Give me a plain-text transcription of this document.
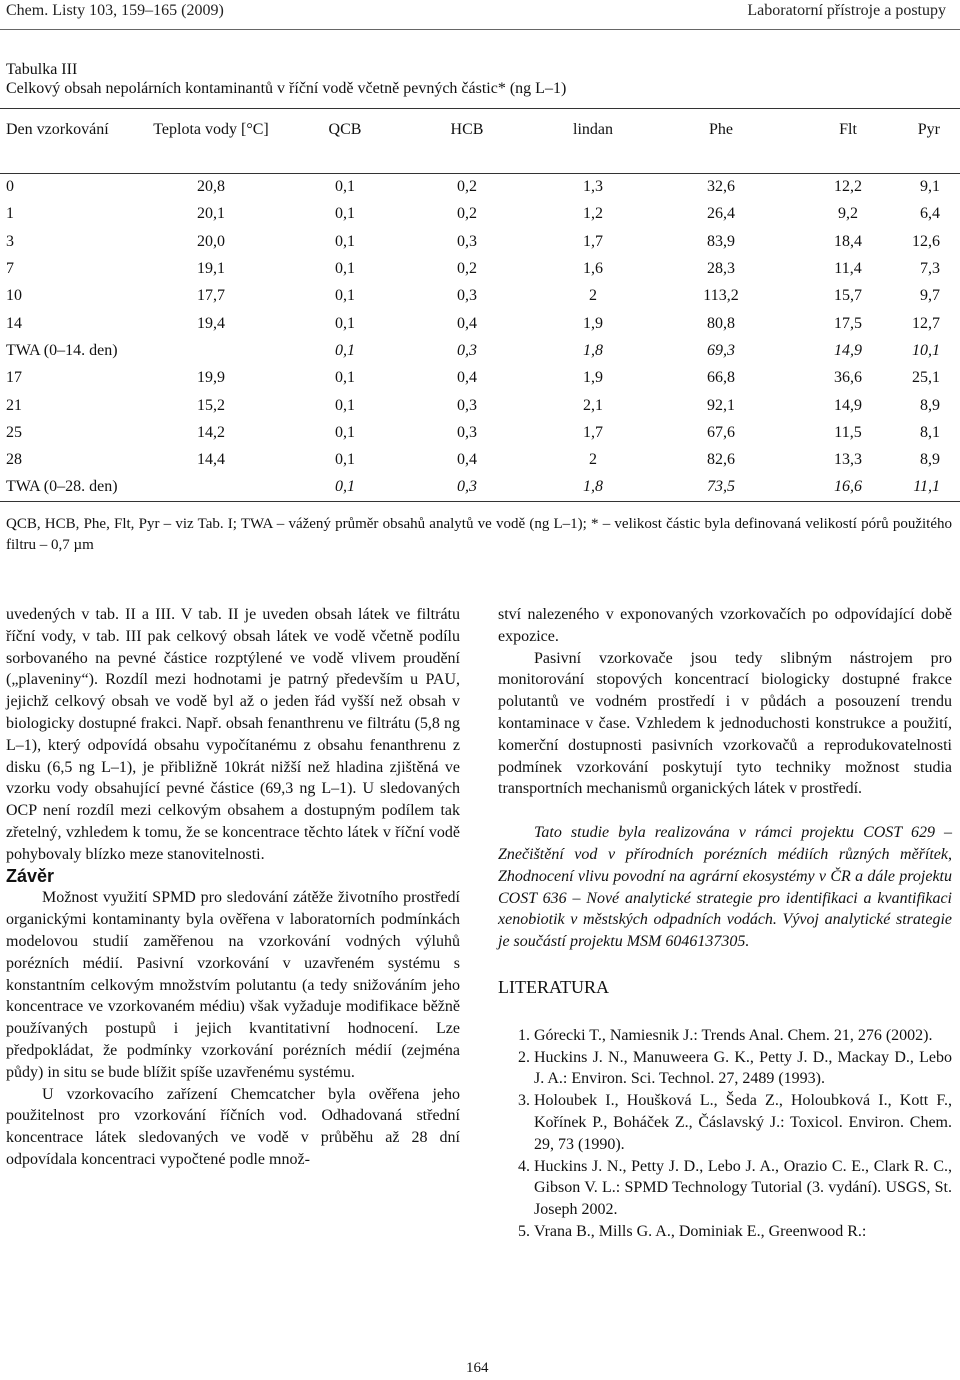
Chem. Listy 103, 159–165 (2009)	Laboratorní přístroje a postupy
Tabulka III
Celkový obsah nepolárních kontaminantů v říční vodě včetně pevných částic* (ng L–1)
Den vzorkování	Teplota vody [°C]	QCB	HCB	lindan	Phe	Flt	Pyr
0	20,8	0,1	0,2	1,3	32,6	12,2	9,1
1	20,1	0,1	0,2	1,2	26,4	9,2	6,4
3	20,0	0,1	0,3	1,7	83,9	18,4	12,6
7	19,1	0,1	0,2	1,6	28,3	11,4	7,3
10	17,7	0,1	0,3	2	113,2	15,7	9,7
14	19,4	0,1	0,4	1,9	80,8	17,5	12,7
TWA (0–14. den)		0,1	0,3	1,8	69,3	14,9	10,1
17	19,9	0,1	0,4	1,9	66,8	36,6	25,1
21	15,2	0,1	0,3	2,1	92,1	14,9	8,9
25	14,2	0,1	0,3	1,7	67,6	11,5	8,1
28	14,4	0,1	0,4	2	82,6	13,3	8,9
TWA (0–28. den)		0,1	0,3	1,8	73,5	16,6	11,1
QCB, HCB, Phe, Flt, Pyr – viz Tab. I; TWA – vážený průměr obsahů analytů ve vodě (ng L–1); * – velikost částic byla definovaná velikostí pórů použitého filtru – 0,7 µm

uvedených v tab. II a III. V tab. II je uveden obsah látek ve filtrátu říční vody, v tab. III pak celkový obsah látek ve vodě včetně podílu sorbovaného na pevné částice rozptýlené ve vodě vlivem proudění („plaveniny“). Rozdíl mezi hodnotami je patrný především u PAU, jejichž celkový obsah ve vodě byl až o jeden řád vyšší než obsah v biologicky dostupné frakci. Např. obsah fenanthrenu ve filtrátu (5,8 ng L–1), který odpovídá obsahu vypočítanému z obsahu fenanthrenu z disku (6,5 ng L–1), je přibližně 10krát nižší než hladina zjištěná ve vzorku vody obsahující pevné částice (69,3 ng L–1). U sledovaných OCP není rozdíl mezi celkovým obsahem a dostupným podílem tak zřetelný, vzhledem k tomu, že se koncentrace těchto látek v říční vodě pohybovaly blízko meze stanovitelnosti.

Závěr

Možnost využití SPMD pro sledování zátěže životního prostředí organickými kontaminanty byla ověřena v laboratorních podmínkách modelovou studií zaměřenou na vzorkování vodných výluhů porézních médií. Pasivní vzorkování v uzavřeném systému s konstantním celkovým množstvím polutantu (a tedy snižováním jeho koncentrace ve vzorkovaném médiu) však vyžaduje modifikace běžně používaných postupů i jejich kvantitativní hodnocení. Lze předpokládat, že podmínky vzorkování porézních médií (zejména půdy) in situ se bude blížit spíše uzavřenému systému.

U vzorkovacího zařízení Chemcatcher byla ověřena jeho použitelnost pro vzorkování říčních vod. Odhadovaná střední koncentrace látek sledovaných ve vodě v průběhu až 28 dní odpovídala koncentraci vypočtené podle množ-

ství nalezeného v exponovaných vzorkovačích po odpovídající době expozice.

Pasivní vzorkovače jsou tedy slibným nástrojem pro monitorování stopových koncentrací biologicky dostupné frakce polutantů ve vodném prostředí i v půdách a posouzení trendu kontaminace v čase. Vzhledem k jednoduchosti konstrukce a použití, komerční dostupnosti pasivních vzorkovačů a reprodukovatelnosti podmínek vzorkování poskytují tyto techniky možnost studia transportních mechanismů organických látek v prostředí.

Tato studie byla realizována v rámci projektu COST 629 – Znečištění vod v přírodních porézních médiích různých měřítek, Zhodnocení vlivu povodní na agrární ekosystémy v ČR a dále projektu COST 636 – Nové analytické strategie pro identifikaci a kvantifikaci xenobiotik v městských odpadních vodách. Vývoj analytické strategie je součástí projektu MSM 6046137305.

LITERATURA

1. Górecki T., Namiesnik J.: Trends Anal. Chem. 21, 276 (2002).
2. Huckins J. N., Manuweera G. K., Petty J. D., Mackay D., Lebo J. A.: Environ. Sci. Technol. 27, 2489 (1993).
3. Holoubek I., Houšková L., Šeda Z., Holoubková I., Kott F., Kořínek P., Boháček Z., Čáslavský J.: Toxicol. Environ. Chem. 29, 73 (1990).
4. Huckins J. N., Petty J. D., Lebo J. A., Orazio C. E., Clark R. C., Gibson V. L.: SPMD Technology Tutorial (3. vydání). USGS, St. Joseph 2002.
5. Vrana B., Mills G. A., Dominiak E., Greenwood R.:
164
